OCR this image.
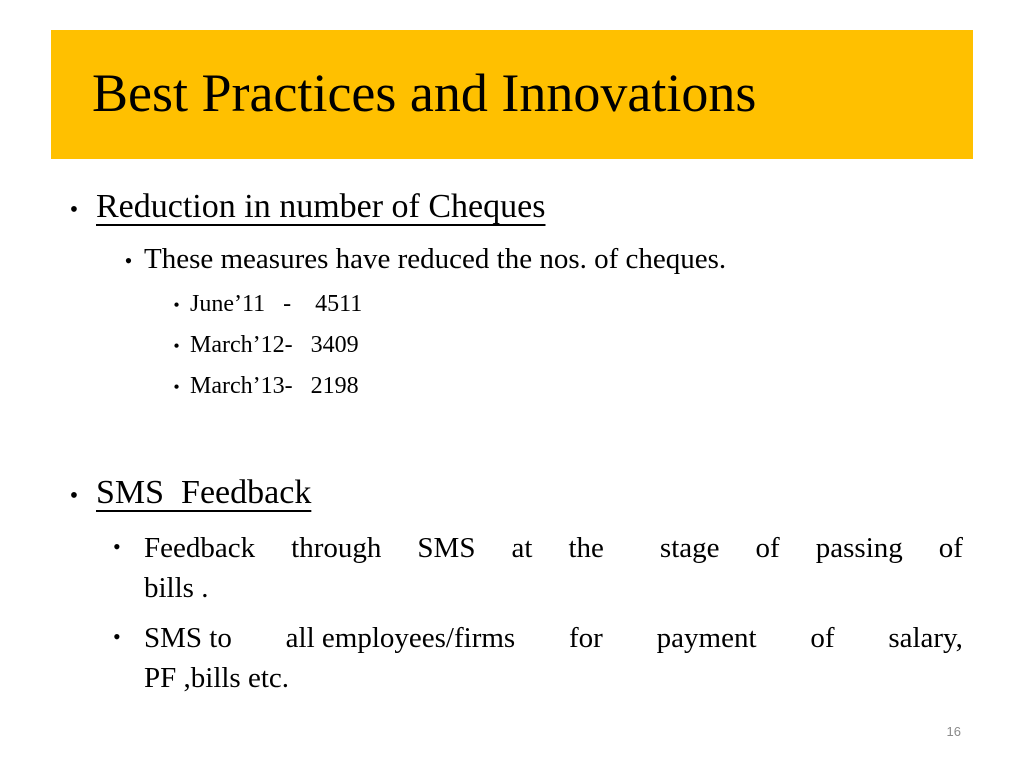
Best Practices and Innovations
• Reduction in number of Cheques
• These measures have reduced the nos. of cheques.
• June’11   -    4511
• March’12-   3409
• March’13-   2198
• SMS  Feedback
• Feedback through SMS at the stage of passing of
bills .
• SMS to all employees/firms for payment of salary,
PF ,bills etc.
16
